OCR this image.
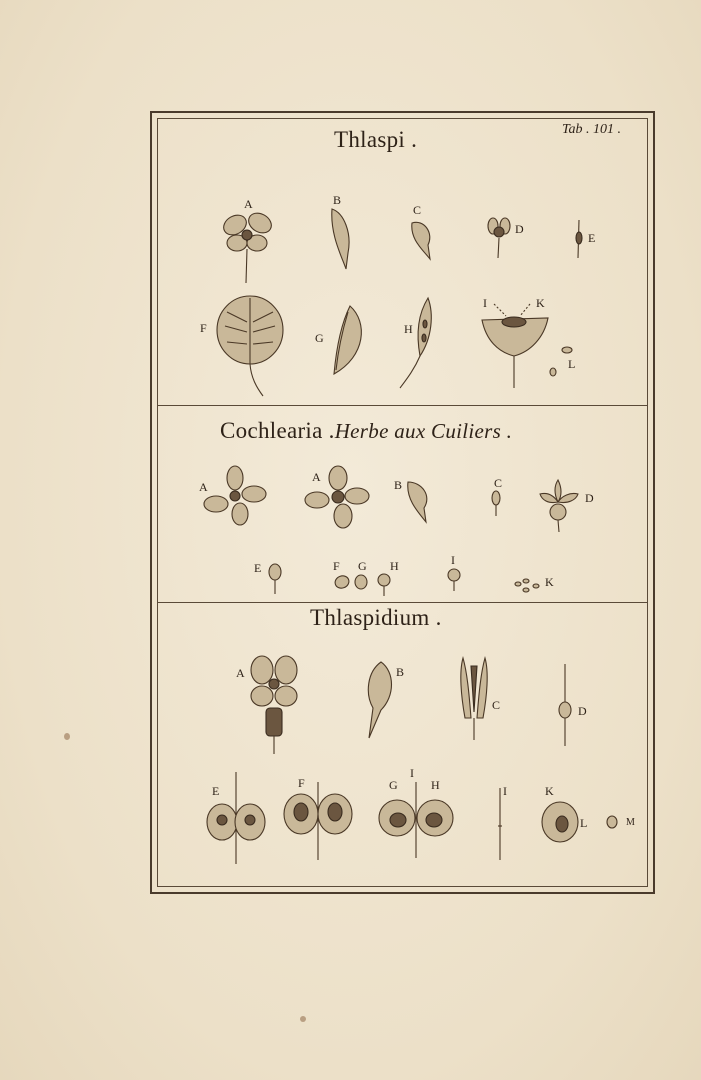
Thlaspi .	Tab . 101 .
A	B
C
D
E
F
G
H
I	K
L
Cochlearia .Herbe aux Cuiliers .
A
A
B	C
D
E	F G H	I
K
Thlaspidium .
A	B
C	D
E
F	G
I
H	I	K
L	M
